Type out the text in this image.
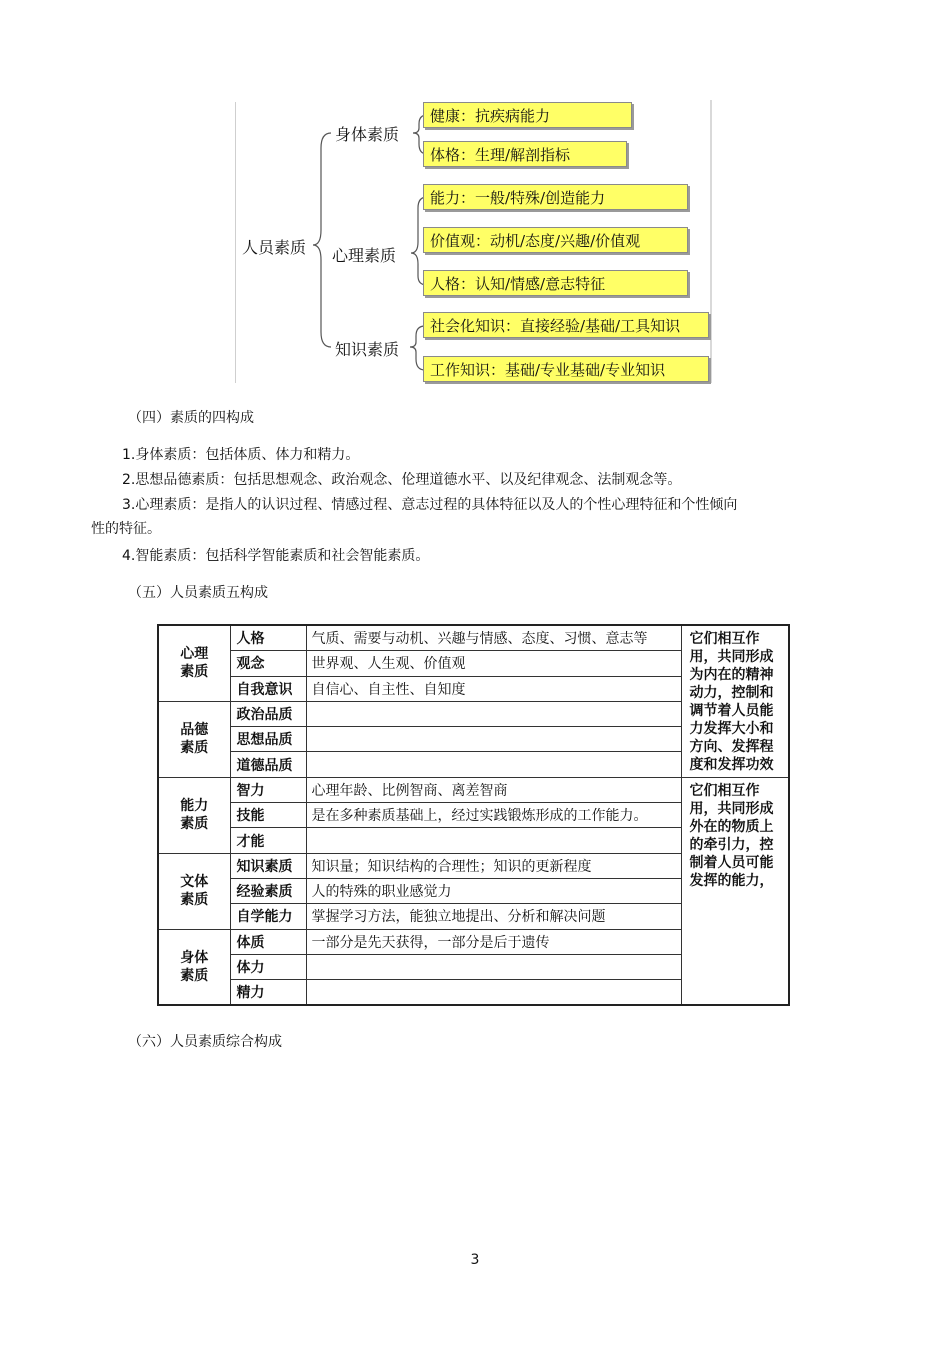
人员素质
身体素质
心理素质
知识素质
健康：抗疾病能力
体格：生理/解剖指标
能力：一般/特殊/创造能力
价值观：动机/态度/兴趣/价值观
人格：认知/情感/意志特征
社会化知识：直接经验/基础/工具知识
工作知识：基础/专业基础/专业知识
（四）素质的四构成
1.身体素质：包括体质、体力和精力。
2.思想品德素质：包括思想观念、政治观念、伦理道德水平、以及纪律观念、法制观念等。
3.心理素质：是指人的认识过程、情感过程、意志过程的具体特征以及人的个性心理特征和个性倾向
性的特征。
4.智能素质：包括科学智能素质和社会智能素质。
（五）人员素质五构成
心理
素质	人格	气质、需要与动机、兴趣与情感、态度、习惯、意志等	它们相互作用，共同形成为内在的精神动力，控制和调节着人员能力发挥大小和方向、发挥程度和发挥功效
	观念	世界观、人生观、价值观	
	自我意识	自信心、自主性、自知度	

品德
素质	政治品质		
	思想品质		
	道德品质		

能力
素质	智力	心理年龄、比例智商、离差智商	它们相互作用，共同形成外在的物质上的牵引力，控制着人员可能发挥的能力，
	技能	是在多种素质基础上，经过实践锻炼形成的工作能力。	
	才能		

文体
素质	知识素质	知识量；知识结构的合理性；知识的更新程度	
	经验素质	人的特殊的职业感觉力	
	自学能力	掌握学习方法，能独立地提出、分析和解决问题	

身体
素质	体质	一部分是先天获得，一部分是后于遗传	
	体力		
	精力		
（六）人员素质综合构成
3
